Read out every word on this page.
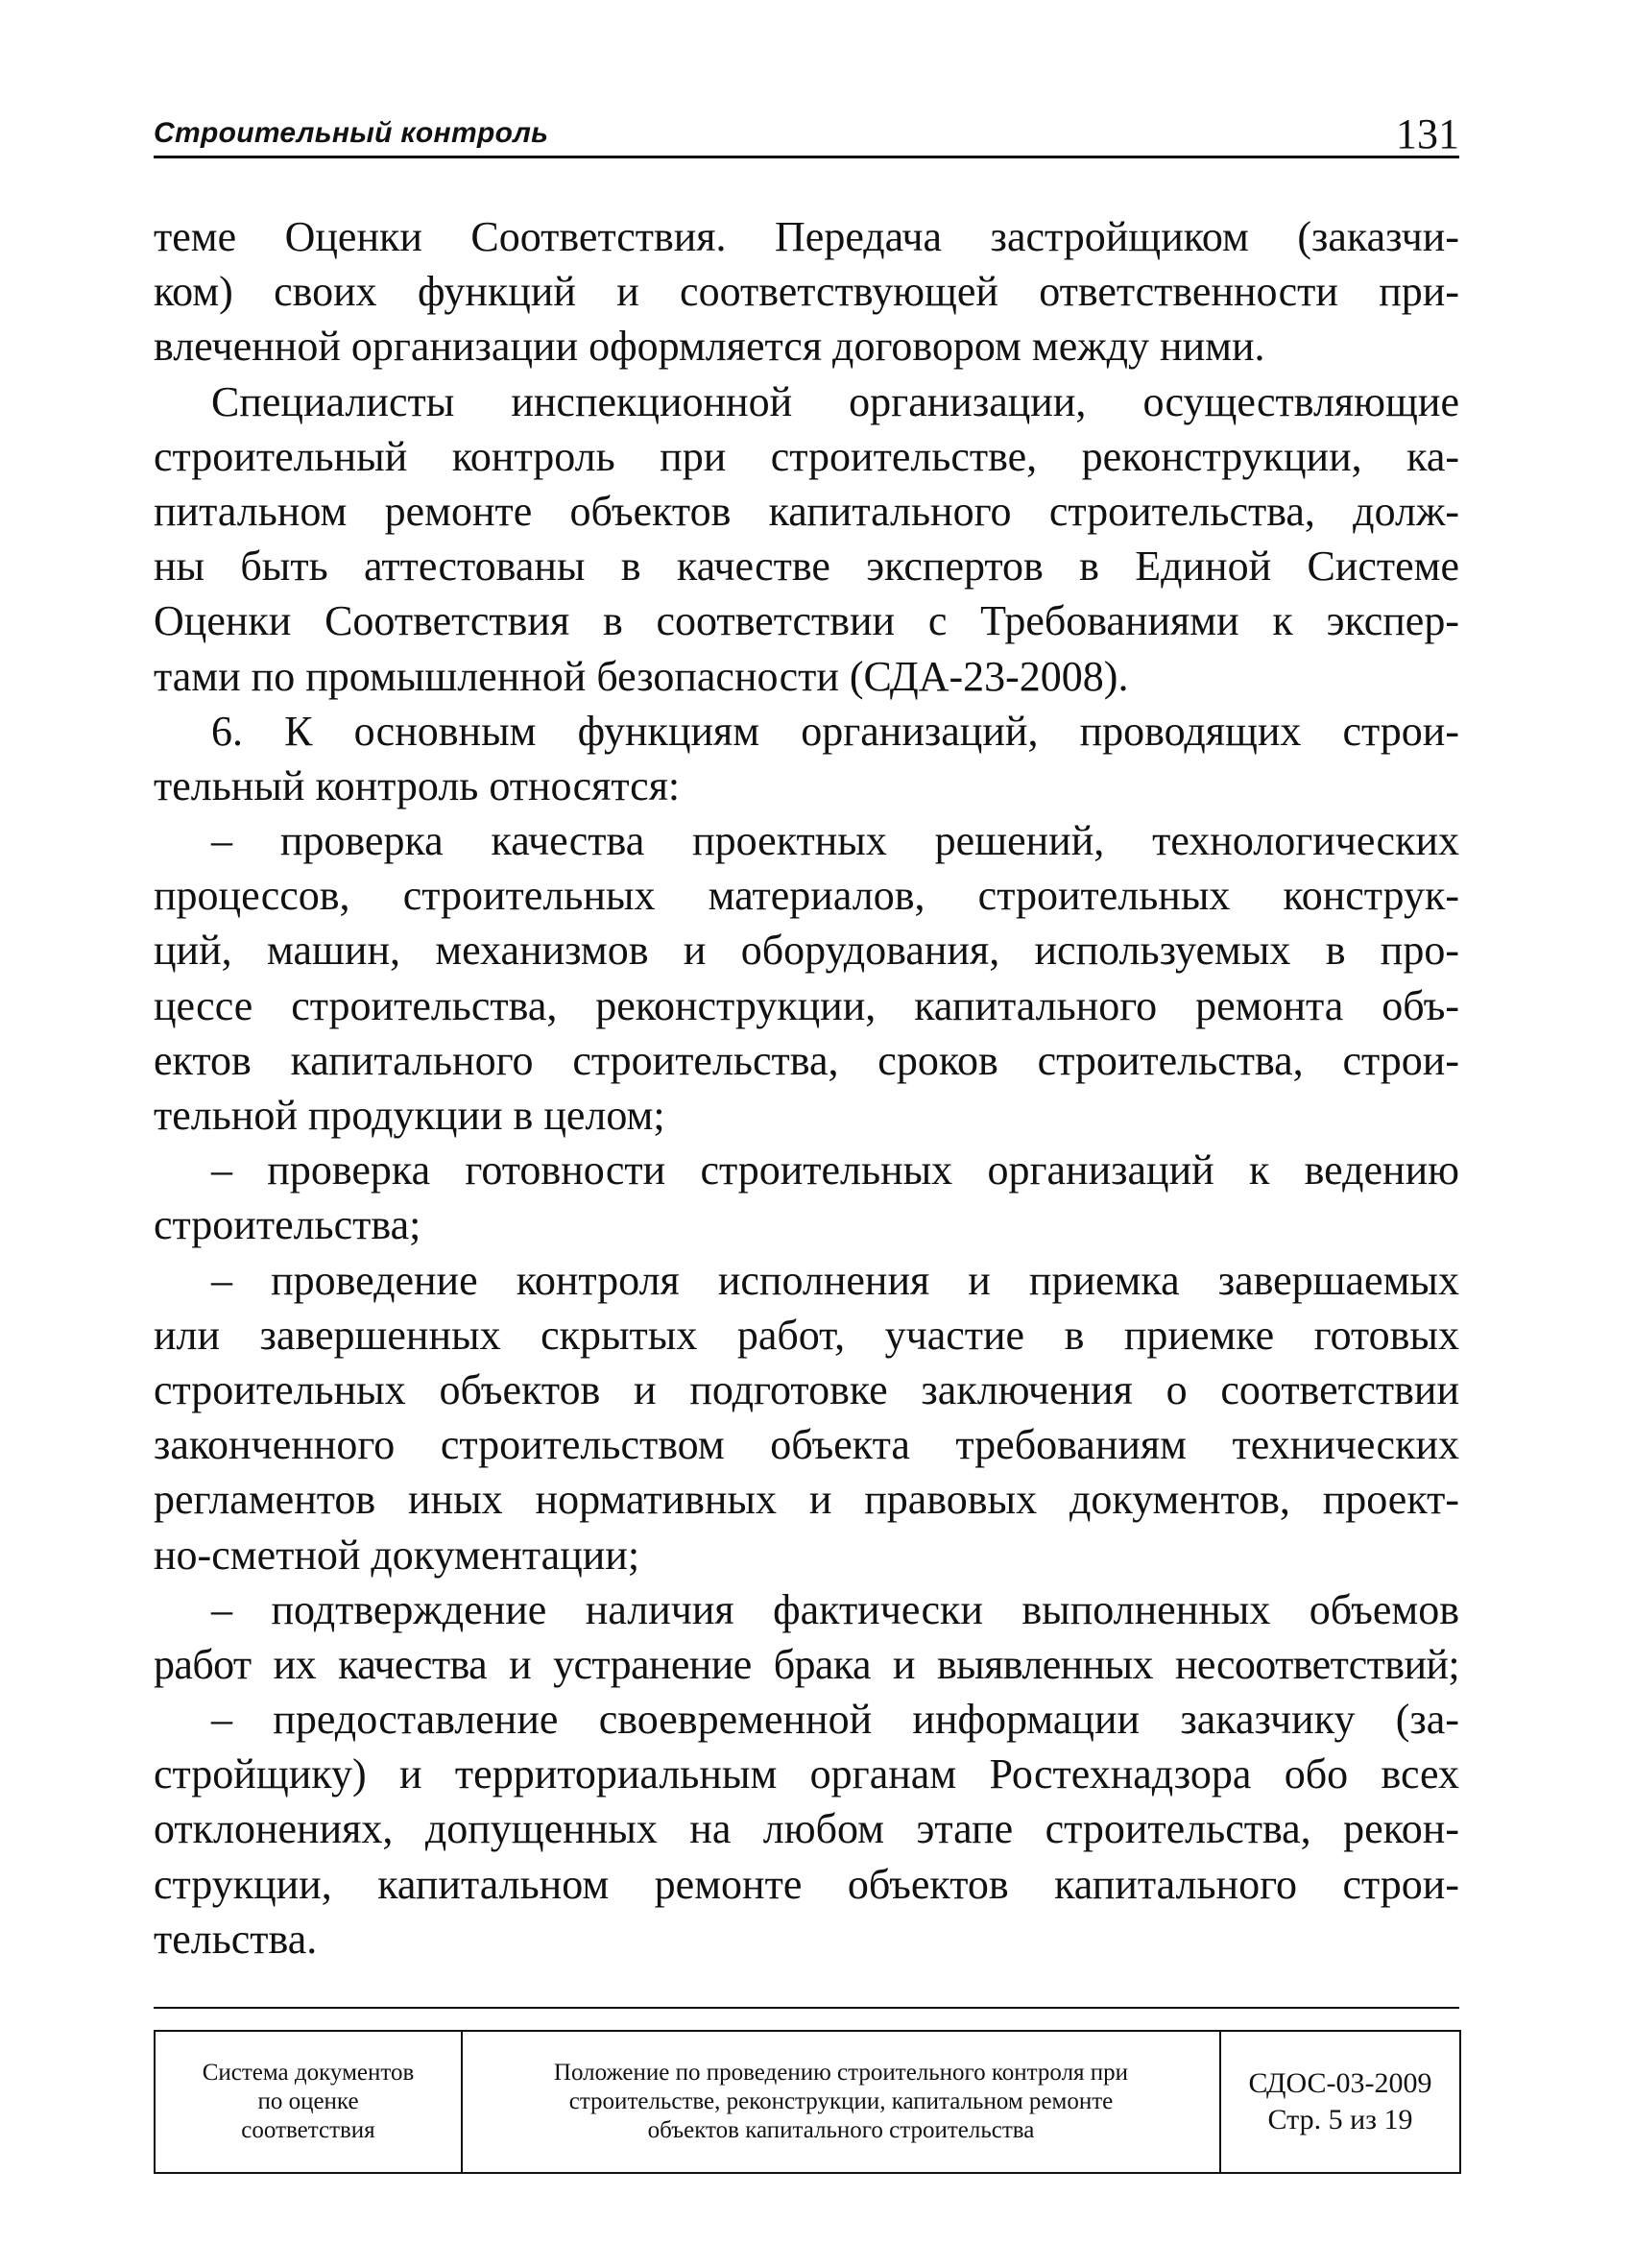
Строительный контроль	131
теме Оценки Соответствия. Передача застройщиком (заказчи-
ком) своих функций и соответствующей ответственности при-
влеченной организации оформляется договором между ними.
Специалисты инспекционной организации, осуществляющие
строительный контроль при строительстве, реконструкции, ка-
питальном ремонте объектов капитального строительства, долж-
ны быть аттестованы в качестве экспертов в Единой Системе
Оценки Соответствия в соответствии с Требованиями к экспер-
тами по промышленной безопасности (СДА-23-2008).
6. К основным функциям организаций, проводящих строи-
тельный контроль относятся:
– проверка качества проектных решений, технологических
процессов, строительных материалов, строительных конструк-
ций, машин, механизмов и оборудования, используемых в про-
цессе строительства, реконструкции, капитального ремонта объ-
ектов капитального строительства, сроков строительства, строи-
тельной продукции в целом;
– проверка готовности строительных организаций к ведению
строительства;
– проведение контроля исполнения и приемка завершаемых
или завершенных скрытых работ, участие в приемке готовых
строительных объектов и подготовке заключения о соответствии
законченного строительством объекта требованиям технических
регламентов иных нормативных и правовых документов, проект-
но-сметной документации;
– подтверждение наличия фактически выполненных объемов
работ их качества и устранение брака и выявленных несоответствий;
– предоставление своевременной информации заказчику (за-
стройщику) и территориальным органам Ростехнадзора обо всех
отклонениях, допущенных на любом этапе строительства, рекон-
струкции, капитальном ремонте объектов капитального строи-
тельства.
Система документов
по оценке
соответствия

Положение по проведению строительного контроля при
строительстве, реконструкции, капитальном ремонте
объектов капитального строительства

СДОС-03-2009
Стр. 5 из 19
